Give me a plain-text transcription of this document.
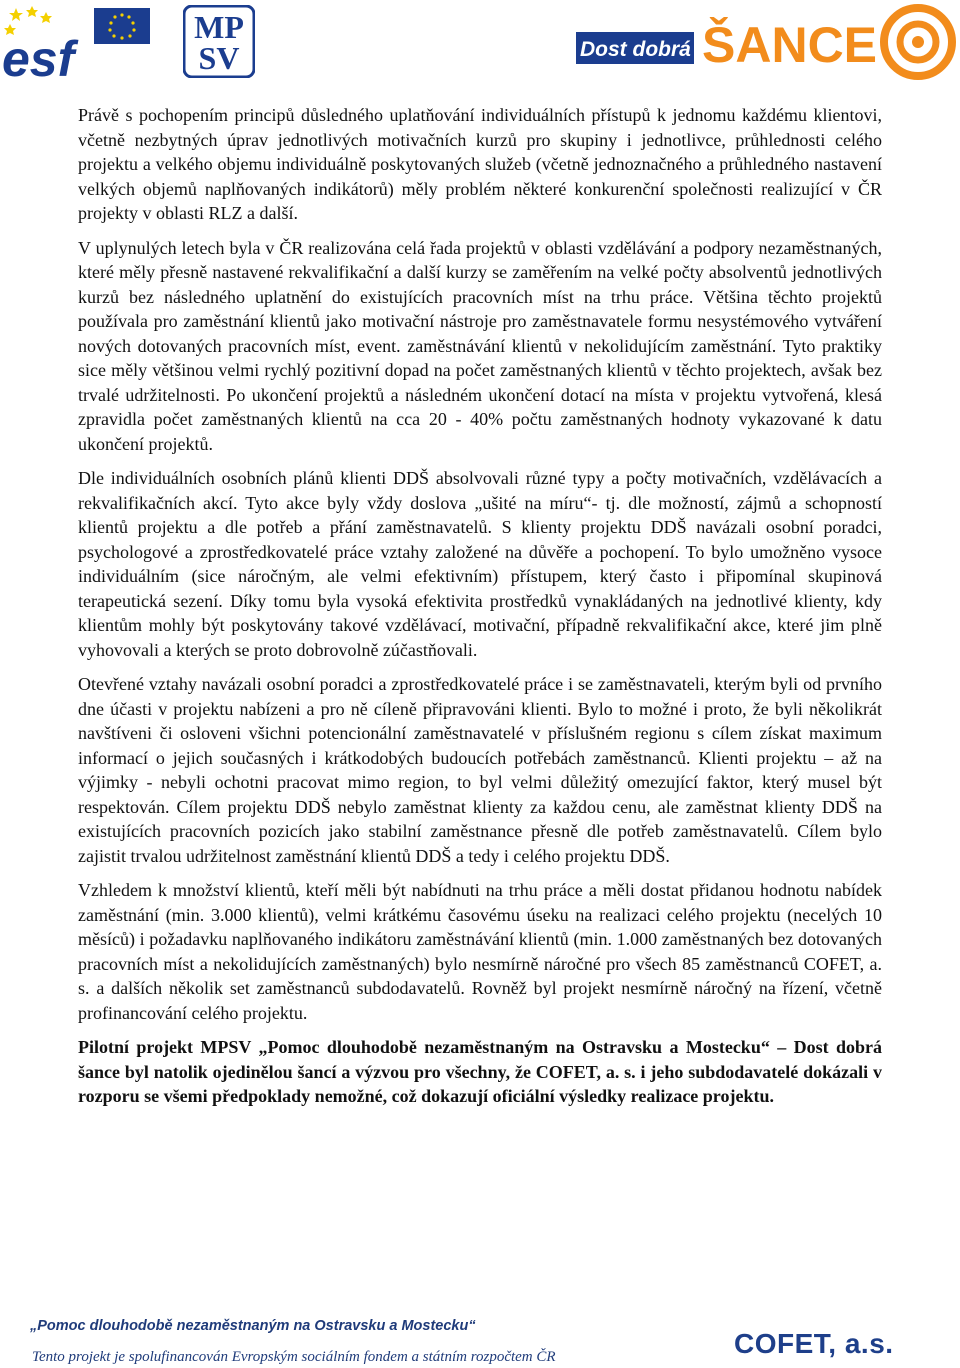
esf
MP
SV	Dost dobrá ŠANCE

Právě s pochopením principů důsledného uplatňování individuálních přístupů k jednomu každému klientovi, včetně nezbytných úprav jednotlivých motivačních kurzů pro skupiny i jednotlivce, průhlednosti celého projektu a velkého objemu individuálně poskytovaných služeb (včetně jednoznačného a průhledného nastavení velkých objemů naplňovaných indikátorů) měly problém některé konkurenční společnosti realizující v ČR projekty v oblasti RLZ a další.

V uplynulých letech byla v ČR realizována celá řada projektů v oblasti vzdělávání a podpory nezaměstnaných, které měly přesně nastavené rekvalifikační a další kurzy se zaměřením na velké počty absolventů jednotlivých kurzů bez následného uplatnění do existujících pracovních míst na trhu práce. Většina těchto projektů používala pro zaměstnání klientů jako motivační nástroje pro zaměstnavatele formu nesystémového vytváření nových dotovaných pracovních míst, event. zaměstnávání klientů v nekolidujícím zaměstnání. Tyto praktiky sice měly většinou velmi rychlý pozitivní dopad na počet zaměstnaných klientů v těchto projektech, avšak bez trvalé udržitelnosti. Po ukončení projektů a následném ukončení dotací na místa v projektu vytvořená, klesá zpravidla počet zaměstnaných klientů na cca 20 - 40% počtu zaměstnaných hodnoty vykazované k datu ukončení projektů.

Dle individuálních osobních plánů klienti DDŠ absolvovali různé typy a počty motivačních, vzdělávacích a rekvalifikačních akcí. Tyto akce byly vždy doslova „ušité na míru“- tj. dle možností, zájmů a schopností klientů projektu a dle potřeb a přání zaměstnavatelů. S klienty projektu DDŠ navázali osobní poradci, psychologové a zprostředkovatelé práce vztahy založené na důvěře a pochopení. To bylo umožněno vysoce individuálním (sice náročným, ale velmi efektivním) přístupem, který často i připomínal skupinová terapeutická sezení. Díky tomu byla vysoká efektivita prostředků vynakládaných na jednotlivé klienty, kdy klientům mohly být poskytovány takové vzdělávací, motivační, případně rekvalifikační akce, které jim plně vyhovovali a kterých se proto dobrovolně zúčastňovali.

Otevřené vztahy navázali osobní poradci a zprostředkovatelé práce i se zaměstnavateli, kterým byli od prvního dne účasti v projektu nabízeni a pro ně cíleně připravováni klienti. Bylo to možné i proto, že byli několikrát navštíveni či osloveni všichni potencionální zaměstnavatelé v příslušném regionu s cílem získat maximum informací o jejich současných i krátkodobých budoucích potřebách zaměstnanců. Klienti projektu – až na výjimky - nebyli ochotni pracovat mimo region, to byl velmi důležitý omezující faktor, který musel být respektován. Cílem projektu DDŠ nebylo zaměstnat klienty za každou cenu, ale zaměstnat klienty DDŠ na existujících pracovních pozicích jako stabilní zaměstnance přesně dle potřeb zaměstnavatelů. Cílem bylo zajistit trvalou udržitelnost zaměstnání klientů DDŠ a tedy i celého projektu DDŠ.

Vzhledem k množství klientů, kteří měli být nabídnuti na trhu práce a měli dostat přidanou hodnotu nabídek zaměstnání (min. 3.000 klientů), velmi krátkému časovému úseku na realizaci celého projektu (necelých 10 měsíců) i požadavku naplňovaného indikátoru zaměstnávání klientů (min. 1.000 zaměstnaných bez dotovaných pracovních míst a nekolidujících zaměstnaných) bylo nesmírně náročné pro všech 85 zaměstnanců COFET, a. s. a dalších několik set zaměstnanců subdodavatelů. Rovněž byl projekt nesmírně náročný na řízení, včetně profinancování celého projektu.

Pilotní projekt MPSV „Pomoc dlouhodobě nezaměstnaným na Ostravsku a Mostecku“ – Dost dobrá šance byl natolik ojedinělou šancí a výzvou pro všechny, že COFET, a. s. i jeho subdodavatelé dokázali v rozporu se všemi předpoklady nemožné, což dokazují oficiální výsledky realizace projektu.

„Pomoc dlouhodobě nezaměstnaným na Ostravsku a Mostecku“
Tento projekt je spolufinancován Evropským sociálním fondem a státním rozpočtem ČR	COFET, a.s.
